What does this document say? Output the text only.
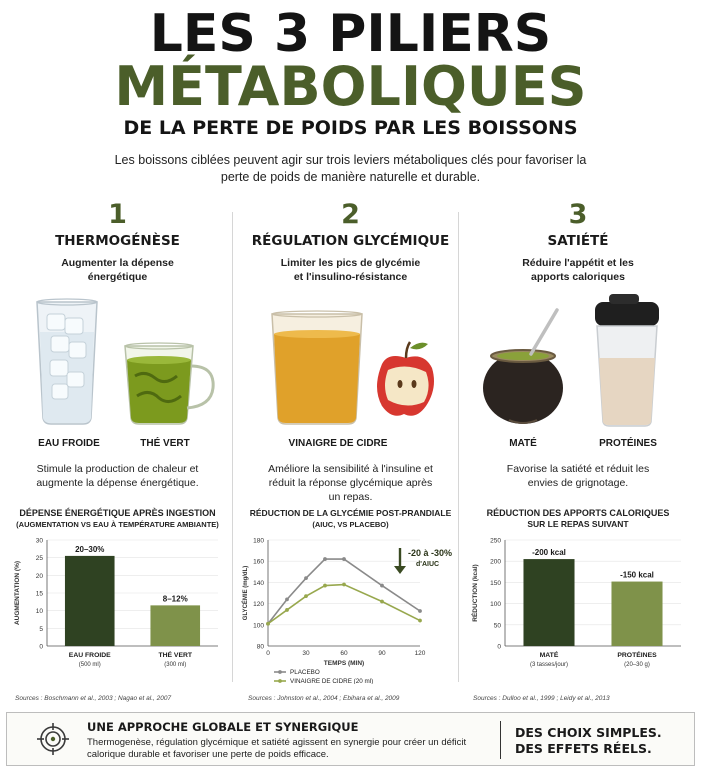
LES 3 PILIERS
MÉTABOLIQUES
DE LA PERTE DE POIDS PAR LES BOISSONS
Les boissons ciblées peuvent agir sur trois leviers métaboliques clés pour favoriser la perte de poids de manière naturelle et durable.
1
THERMOGÉNÈSE
Augmenter la dépense énergétique
EAU FROIDE	THÉ VERT
Stimule la production de chaleur et augmente la dépense énergétique.
DÉPENSE ÉNERGÉTIQUE APRÈS INGESTION
(AUGMENTATION VS EAU À TEMPÉRATURE AMBIANTE)
0
5
10
15
20
25
30
AUGMENTATION (%)
20–30%
EAU FROIDE
(500 ml)
8–12%
THÉ VERT
(300 ml)
Sources : Boschmann et al., 2003 ; Nagao et al., 2007
2
RÉGULATION GLYCÉMIQUE
Limiter les pics de glycémie et l'insulino-résistance
VINAIGRE DE CIDRE
Améliore la sensibilité à l'insuline et réduit la réponse glycémique après un repas.
RÉDUCTION DE LA GLYCÉMIE POST-PRANDIALE
(AIUC, VS PLACEBO)
80
100
120
140
160
180
0	30	60	90	120
GLYCÉMIE (mg/dL)
TEMPS (MIN)
PLACEBO
VINAIGRE DE CIDRE (20 ml)
-20 à -30%
d'AIUC
Sources : Johnston et al., 2004 ; Ebihara et al., 2009
3
SATIÉTÉ
Réduire l'appétit et les apports caloriques
MATÉ	PROTÉINES
Favorise la satiété et réduit les envies de grignotage.
RÉDUCTION DES APPORTS CALORIQUES
SUR LE REPAS SUIVANT
0
50
100
150
200
250
RÉDUCTION (kcal)
-200 kcal
MATÉ
(3 tasses/jour)
-150 kcal
PROTÉINES
(20–30 g)
Sources : Dulloo et al., 1999 ; Leidy et al., 2013
UNE APPROCHE GLOBALE ET SYNERGIQUE
Thermogenèse, régulation glycémique et satiété agissent en synergie pour créer un déficit calorique durable et favoriser une perte de poids efficace.
DES CHOIX SIMPLES.
DES EFFETS RÉELS.
